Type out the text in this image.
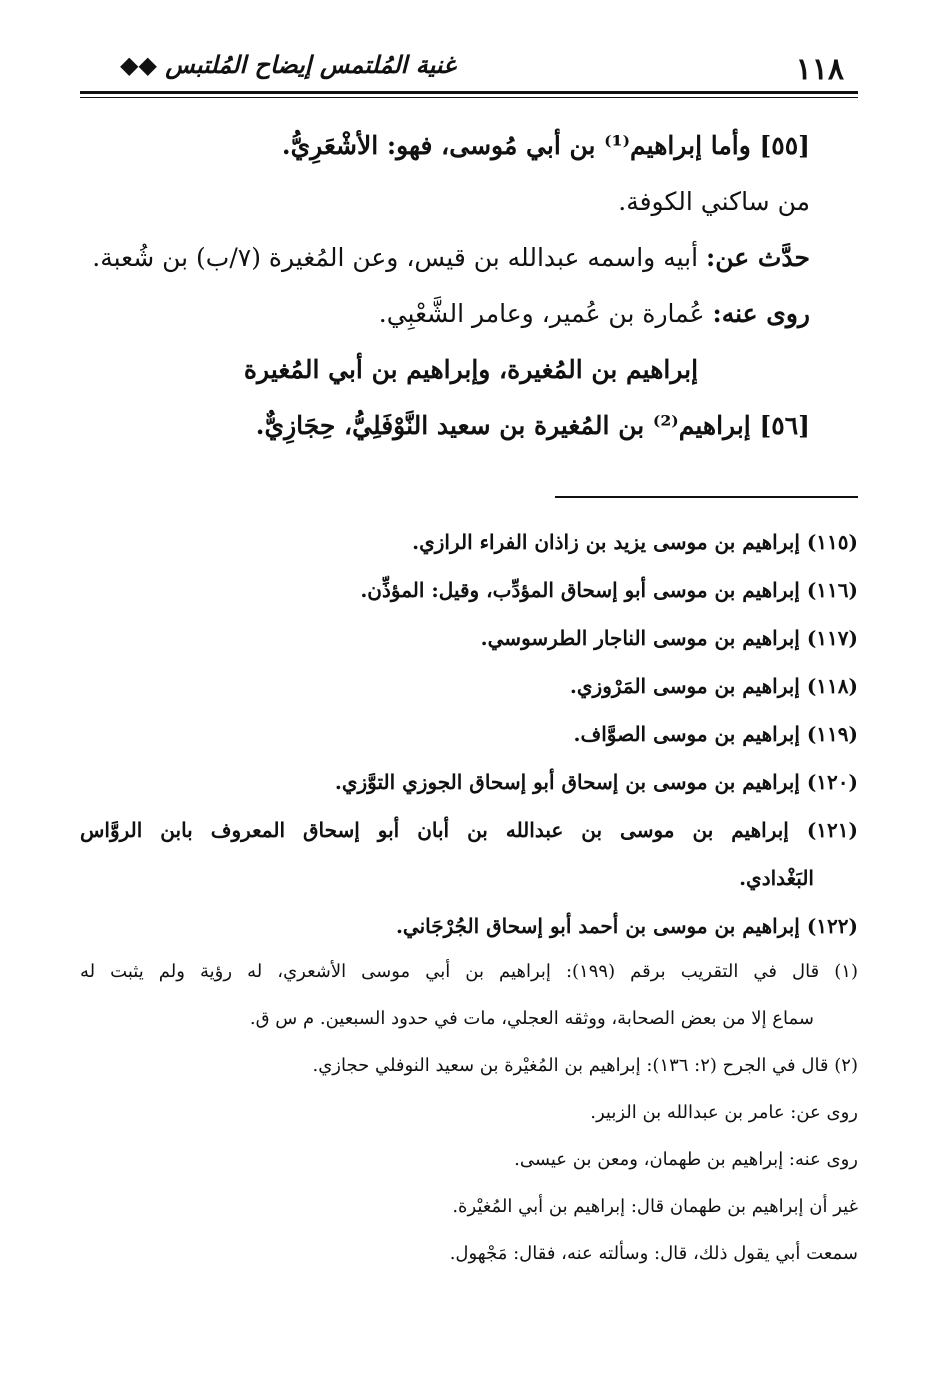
١١٨
غنية المُلتمس إيضاح المُلتبس ◆◆
[٥٥] وأما إبراهيم⁽¹⁾ بن أبي مُوسى، فهو: الأشْعَرِيُّ.
من ساكني الكوفة.
حدَّث عن: أبيه واسمه عبدالله بن قيس، وعن المُغيرة (٧/ب) بن شُعبة.
روى عنه: عُمارة بن عُمير، وعامر الشَّعْبِي.
إبراهيم بن المُغيرة، وإبراهيم بن أبي المُغيرة
[٥٦] إبراهيم⁽²⁾ بن المُغيرة بن سعيد النَّوْفَلِيُّ، حِجَازِيٌّ.
(١١٥) إبراهيم بن موسى يزيد بن زاذان الفراء الرازي.
(١١٦) إبراهيم بن موسى أبو إسحاق المؤدِّب، وقيل: المؤذِّن.
(١١٧) إبراهيم بن موسى الناجار الطرسوسي.
(١١٨) إبراهيم بن موسى المَرْوزي.
(١١٩) إبراهيم بن موسى الصوَّاف.
(١٢٠) إبراهيم بن موسى بن إسحاق أبو إسحاق الجوزي التوَّزي.
(١٢١) إبراهيم بن موسى بن عبدالله بن أبان أبو إسحاق المعروف بابن الروَّاس
البَغْدادي.
(١٢٢) إبراهيم بن موسى بن أحمد أبو إسحاق الجُرْجَاني.
(١) قال في التقريب برقم (١٩٩): إبراهيم بن أبي موسى الأشعري، له رؤية ولم يثبت له
سماع إلا من بعض الصحابة، ووثقه العجلي، مات في حدود السبعين. م س ق.
(٢) قال في الجرح (٢: ١٣٦): إبراهيم بن المُغيْرة بن سعيد النوفلي حجازي.
روى عن: عامر بن عبدالله بن الزبير.
روى عنه: إبراهيم بن طهمان، ومعن بن عيسى.
غير أن إبراهيم بن طهمان قال: إبراهيم بن أبي المُغيْرة.
سمعت أبي يقول ذلك، قال: وسألته عنه، فقال: مَجْهول.
